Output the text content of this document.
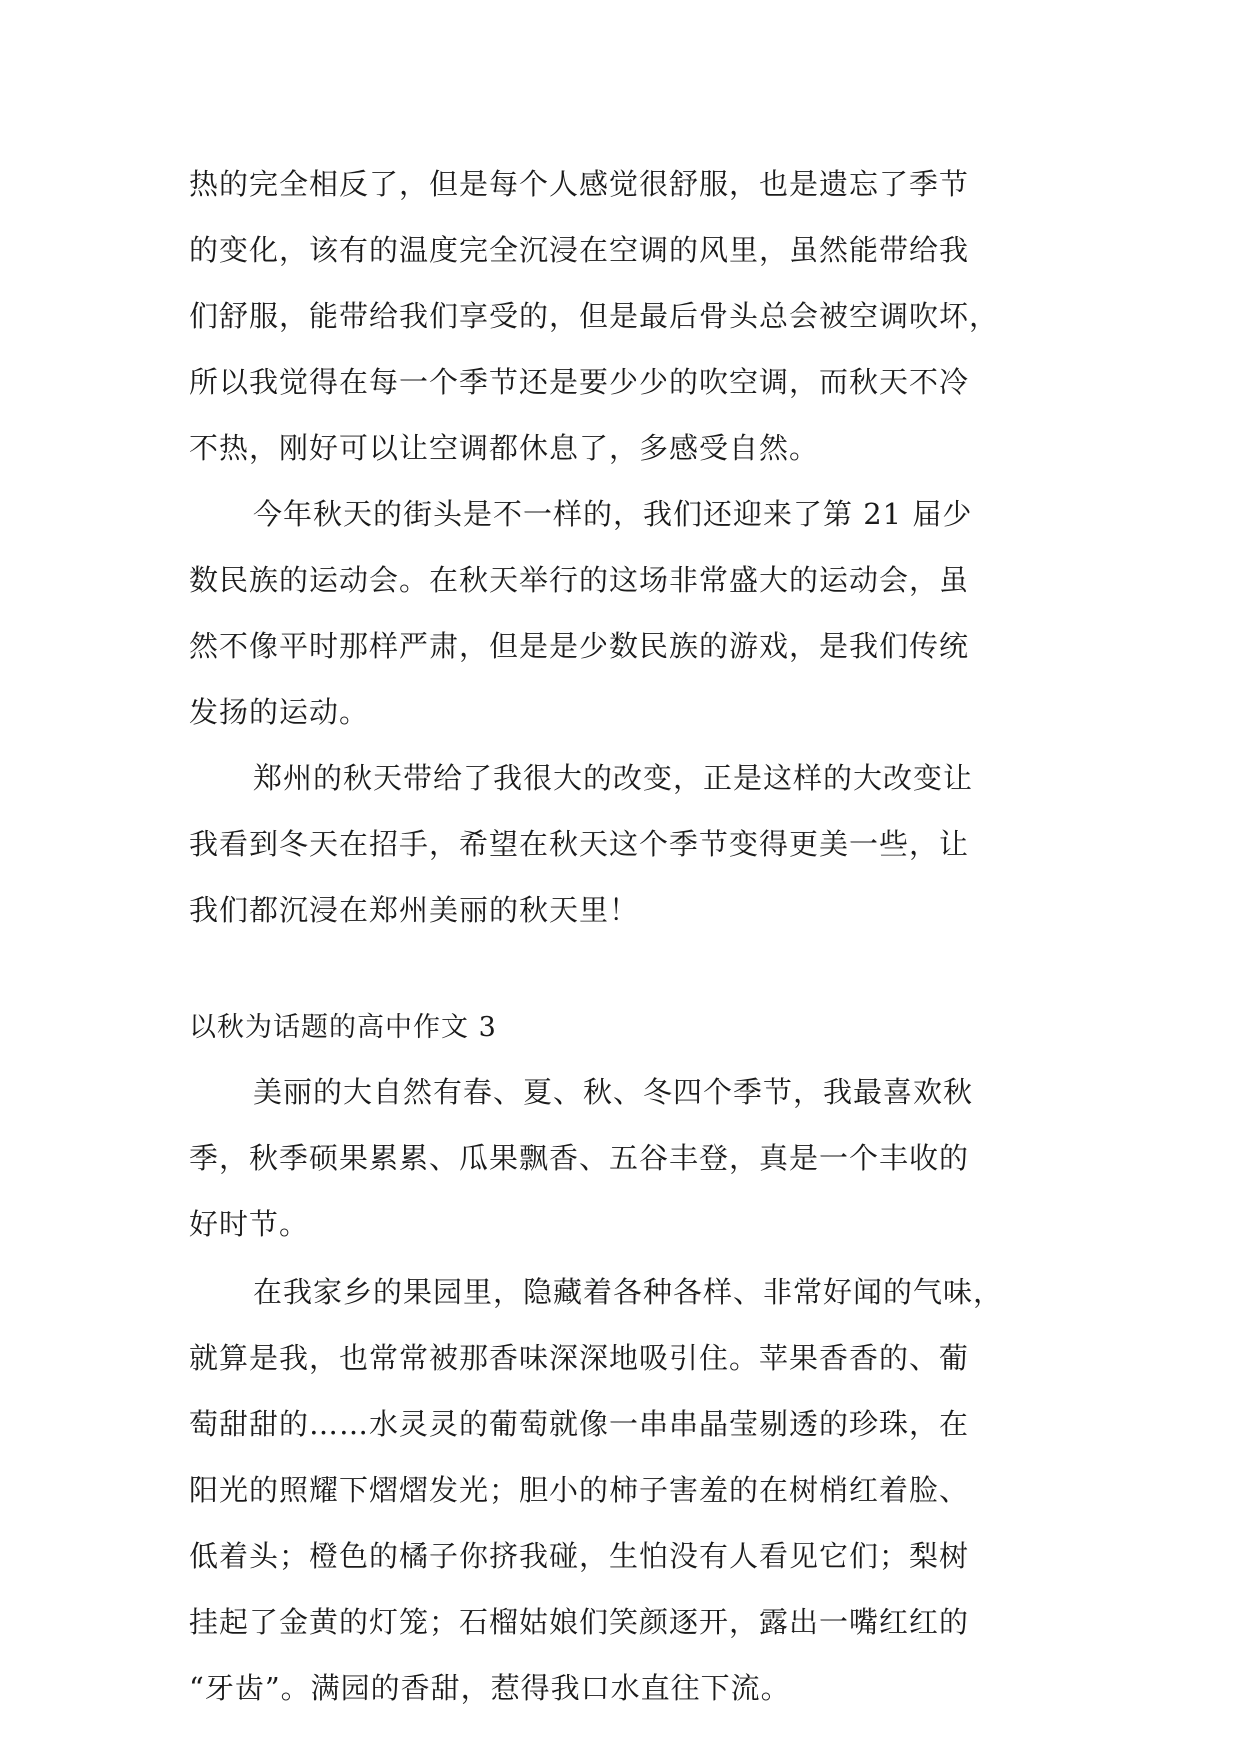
热的完全相反了，但是每个人感觉很舒服，也是遗忘了季节
的变化，该有的温度完全沉浸在空调的风里，虽然能带给我
们舒服，能带给我们享受的，但是最后骨头总会被空调吹坏，
所以我觉得在每一个季节还是要少少的吹空调，而秋天不冷
不热，刚好可以让空调都休息了，多感受自然。
今年秋天的街头是不一样的，我们还迎来了第 21 届少
数民族的运动会。在秋天举行的这场非常盛大的运动会，虽
然不像平时那样严肃，但是是少数民族的游戏，是我们传统
发扬的运动。
郑州的秋天带给了我很大的改变，正是这样的大改变让
我看到冬天在招手，希望在秋天这个季节变得更美一些，让
我们都沉浸在郑州美丽的秋天里！
以秋为话题的高中作文 3
美丽的大自然有春、夏、秋、冬四个季节，我最喜欢秋
季，秋季硕果累累、瓜果飘香、五谷丰登，真是一个丰收的
好时节。
在我家乡的果园里，隐藏着各种各样、非常好闻的气味，
就算是我，也常常被那香味深深地吸引住。苹果香香的、葡
萄甜甜的……水灵灵的葡萄就像一串串晶莹剔透的珍珠，在
阳光的照耀下熠熠发光；胆小的柿子害羞的在树梢红着脸、
低着头；橙色的橘子你挤我碰，生怕没有人看见它们；梨树
挂起了金黄的灯笼；石榴姑娘们笑颜逐开，露出一嘴红红的
“牙齿”。满园的香甜，惹得我口水直往下流。
